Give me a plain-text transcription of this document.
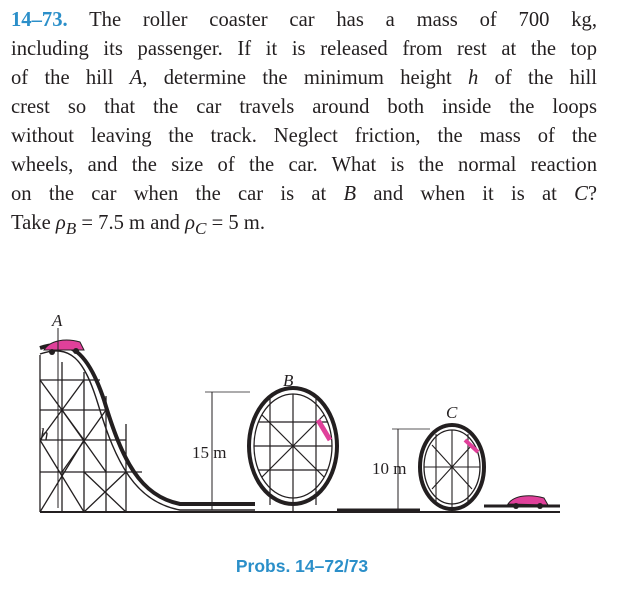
14–73. The roller coaster car has a mass of 700 kg,
including its passenger. If it is released from rest at the top
of the hill A, determine the minimum height h of the hill
crest so that the car travels around both inside the loops
without leaving the track. Neglect friction, the mass of the
wheels, and the size of the car. What is the normal reaction
on the car when the car is at B and when it is at C?
Take $\rho_B = 7.5$ m and $\rho_C = 5$ m.
h
A
15 m
B
10 m
C
Probs. 14–72/73
